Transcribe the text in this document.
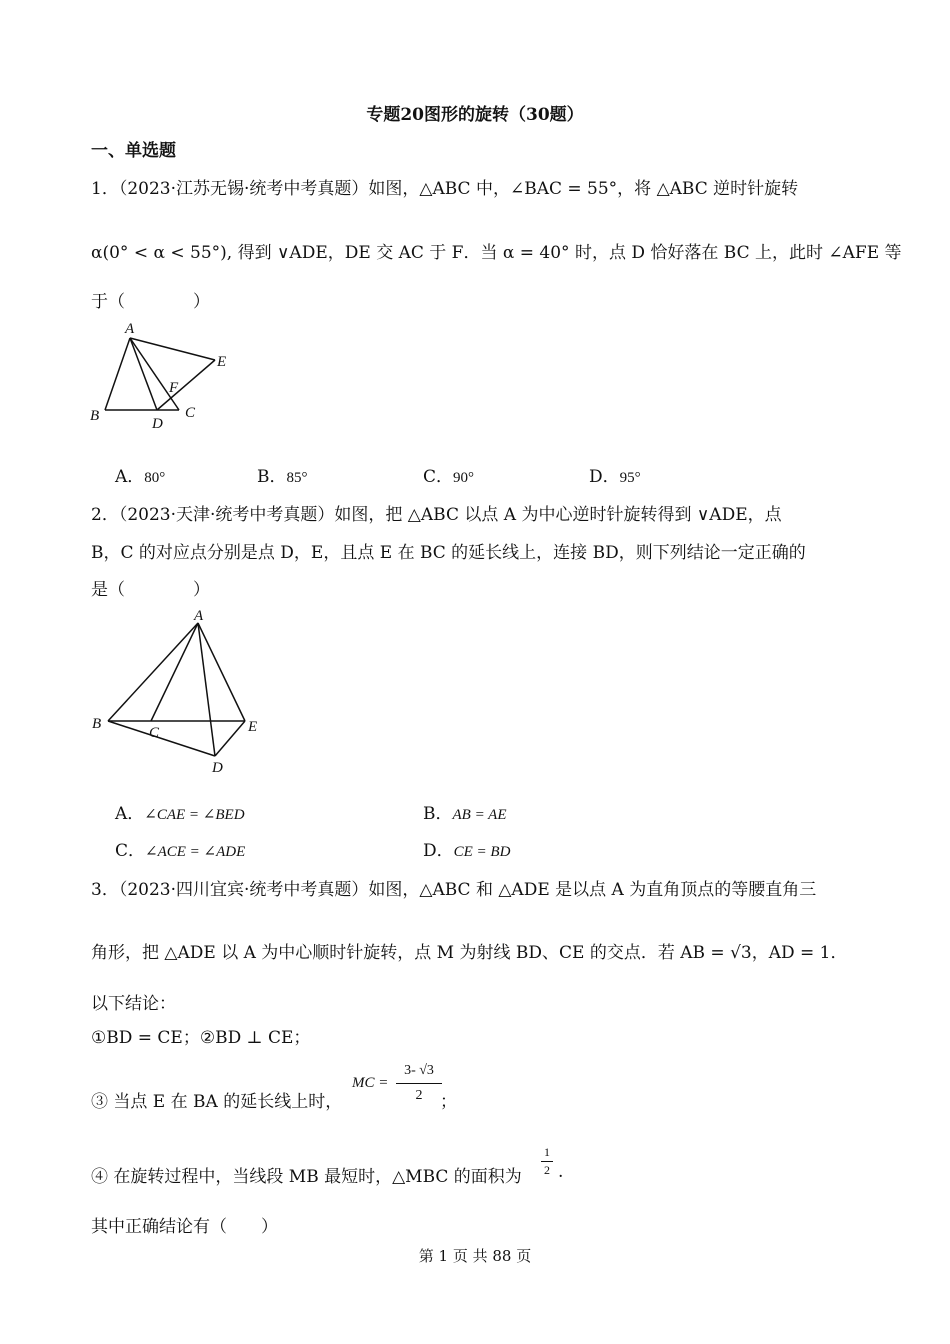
专题20图形的旋转（30题）
一、单选题
1．（2023·江苏无锡·统考中考真题）如图，△ABC 中，∠BAC = 55°，将 △ABC 逆时针旋转
α(0° < α < 55°), 得到 ∨ADE，DE 交 AC 于 F．当 α = 40° 时，点 D 恰好落在 BC 上，此时 ∠AFE 等
于（　　　　）
A
B	C
D
E
F
A．80°	B．85°	C．90°	D．95°
2．（2023·天津·统考中考真题）如图，把 △ABC 以点 A 为中心逆时针旋转得到 ∨ADE，点
B，C 的对应点分别是点 D，E，且点 E 在 BC 的延长线上，连接 BD，则下列结论一定正确的
是（　　　　）
A
B
C
D
E
A．∠CAE = ∠BED	B．AB = AE
C．∠ACE = ∠ADE	D．CE = BD
3．（2023·四川宜宾·统考中考真题）如图，△ABC 和 △ADE 是以点 A 为直角顶点的等腰直角三
角形，把 △ADE 以 A 为中心顺时针旋转，点 M 为射线 BD、CE 的交点．若 AB = √3，AD = 1．
以下结论：
①BD = CE；②BD ⊥ CE；
③ 当点 E 在 BA 的延长线上时，
MC =
3- √3
2	；
④ 在旋转过程中，当线段 MB 最短时，△MBC 的面积为
1
2 .
其中正确结论有（　　）
第 1 页 共 88 页
